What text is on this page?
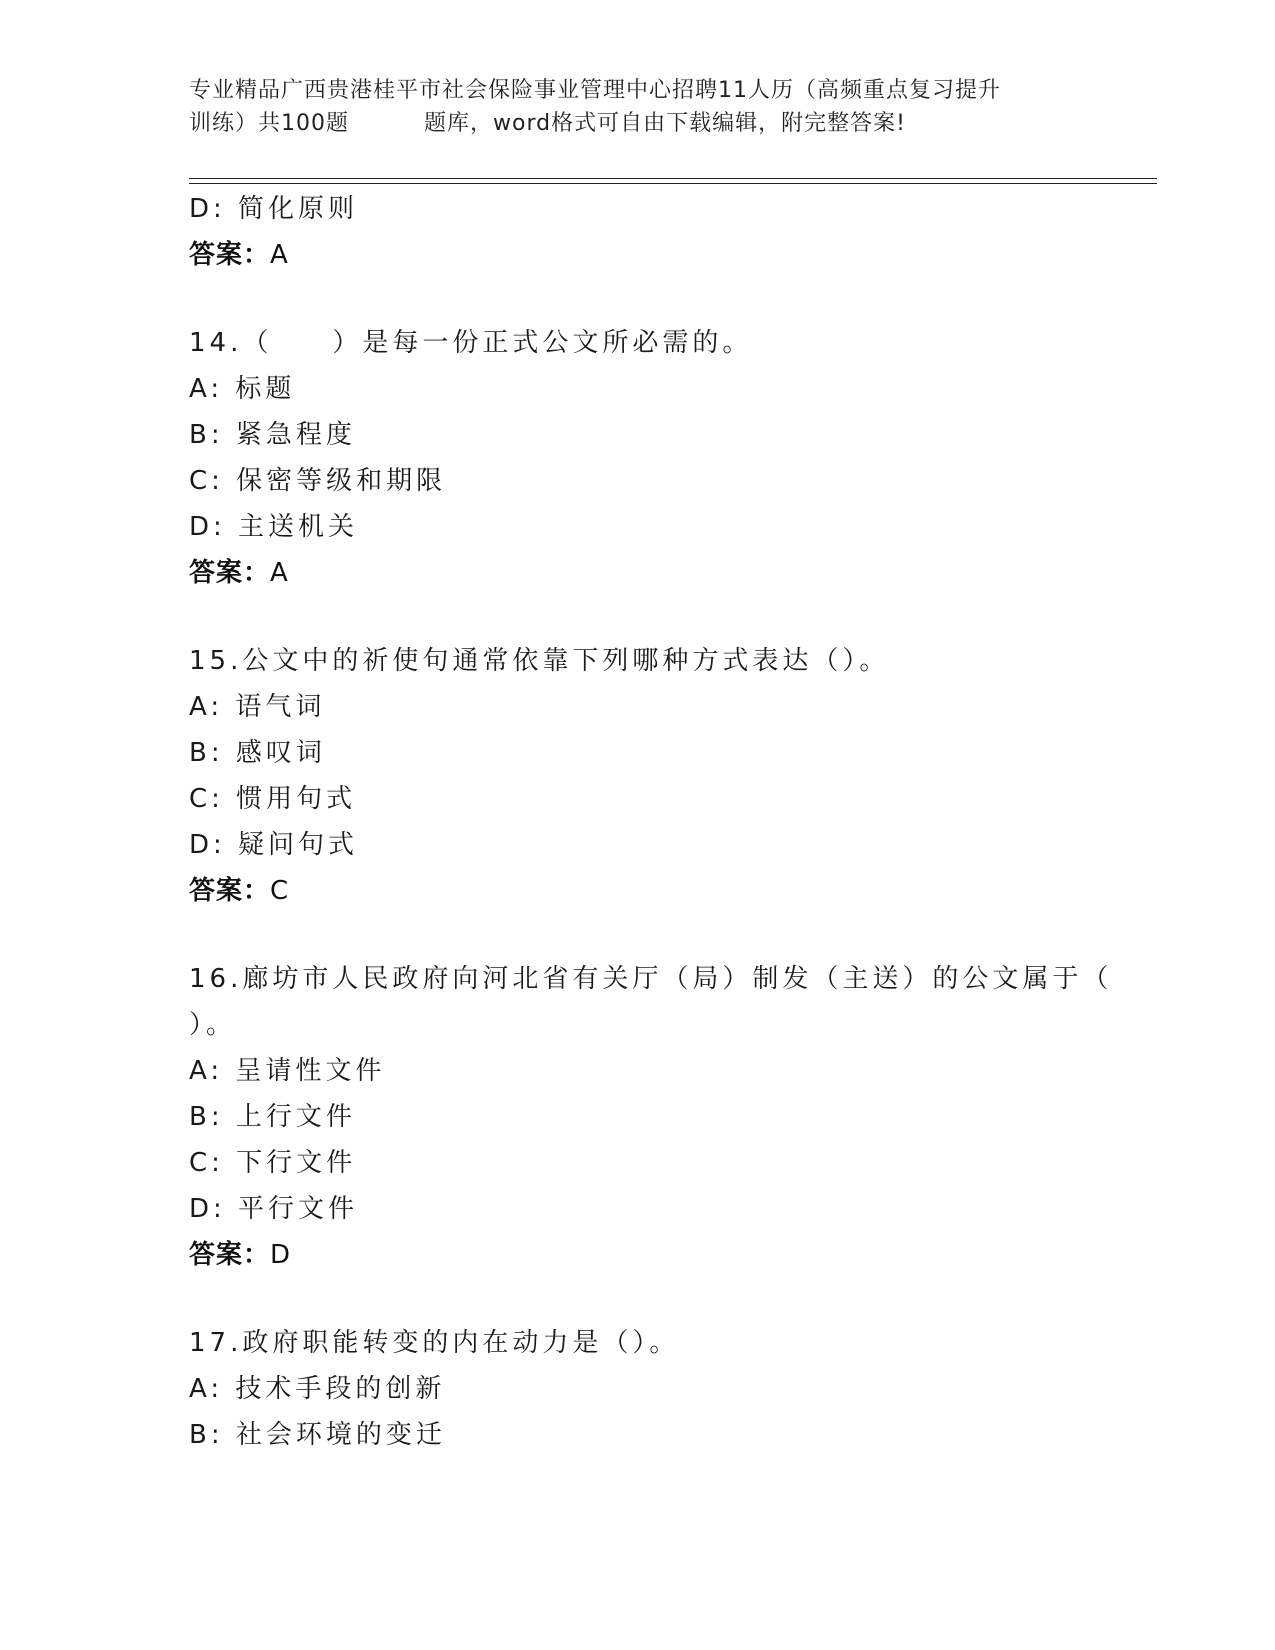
专业精品广西贵港桂平市社会保险事业管理中心招聘11人历（高频重点复习提升
训练）共100题	题库，word格式可自由下载编辑，附完整答案!
D: 简化原则
答案：A
14.（　　）是每一份正式公文所必需的。
A: 标题
B: 紧急程度
C: 保密等级和期限
D: 主送机关
答案：A
15.公文中的祈使句通常依靠下列哪种方式表达（）。
A: 语气词
B: 感叹词
C: 惯用句式
D: 疑问句式
答案：C
16.廊坊市人民政府向河北省有关厅（局）制发（主送）的公文属于（
）。
A: 呈请性文件
B: 上行文件
C: 下行文件
D: 平行文件
答案：D
17.政府职能转变的内在动力是（）。
A: 技术手段的创新
B: 社会环境的变迁
